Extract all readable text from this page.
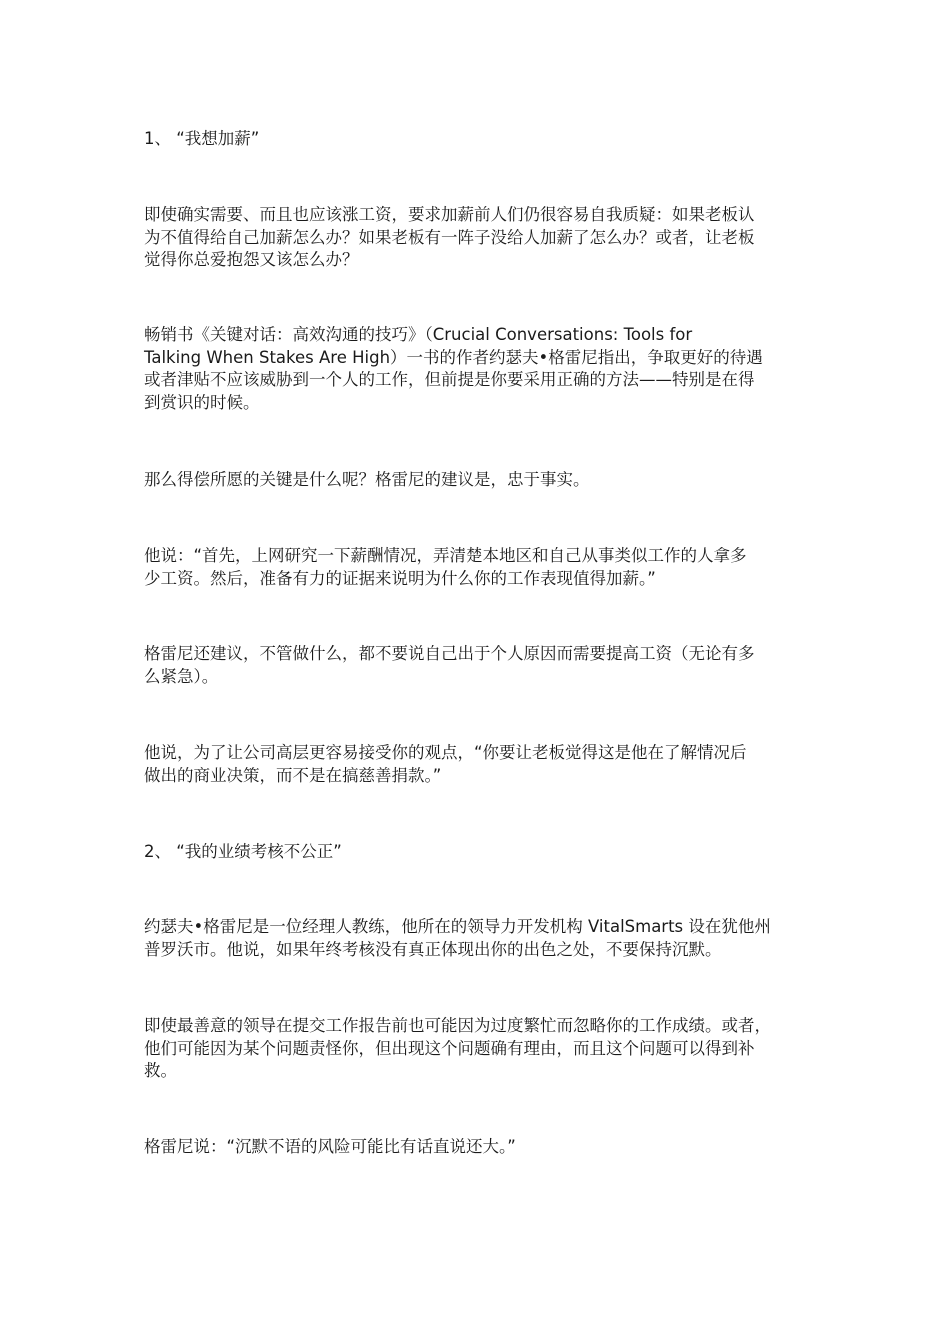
1、 “我想加薪”

即使确实需要、而且也应该涨工资，要求加薪前人们仍很容易自我质疑：如果老板认
为不值得给自己加薪怎么办？如果老板有一阵子没给人加薪了怎么办？或者，让老板
觉得你总爱抱怨又该怎么办？

畅销书《关键对话：高效沟通的技巧》（Crucial Conversations: Tools for
Talking When Stakes Are High）一书的作者约瑟夫•格雷尼指出，争取更好的待遇
或者津贴不应该威胁到一个人的工作，但前提是你要采用正确的方法——特别是在得
到赏识的时候。

那么得偿所愿的关键是什么呢？格雷尼的建议是，忠于事实。

他说：“首先，上网研究一下薪酬情况，弄清楚本地区和自己从事类似工作的人拿多
少工资。然后，准备有力的证据来说明为什么你的工作表现值得加薪。”

格雷尼还建议，不管做什么，都不要说自己出于个人原因而需要提高工资（无论有多
么紧急）。

他说，为了让公司高层更容易接受你的观点，“你要让老板觉得这是他在了解情况后
做出的商业决策，而不是在搞慈善捐款。”

2、 “我的业绩考核不公正”

约瑟夫•格雷尼是一位经理人教练，他所在的领导力开发机构 VitalSmarts 设在犹他州
普罗沃市。他说，如果年终考核没有真正体现出你的出色之处，不要保持沉默。

即使最善意的领导在提交工作报告前也可能因为过度繁忙而忽略你的工作成绩。或者，
他们可能因为某个问题责怪你，但出现这个问题确有理由，而且这个问题可以得到补
救。

格雷尼说：“沉默不语的风险可能比有话直说还大。”
